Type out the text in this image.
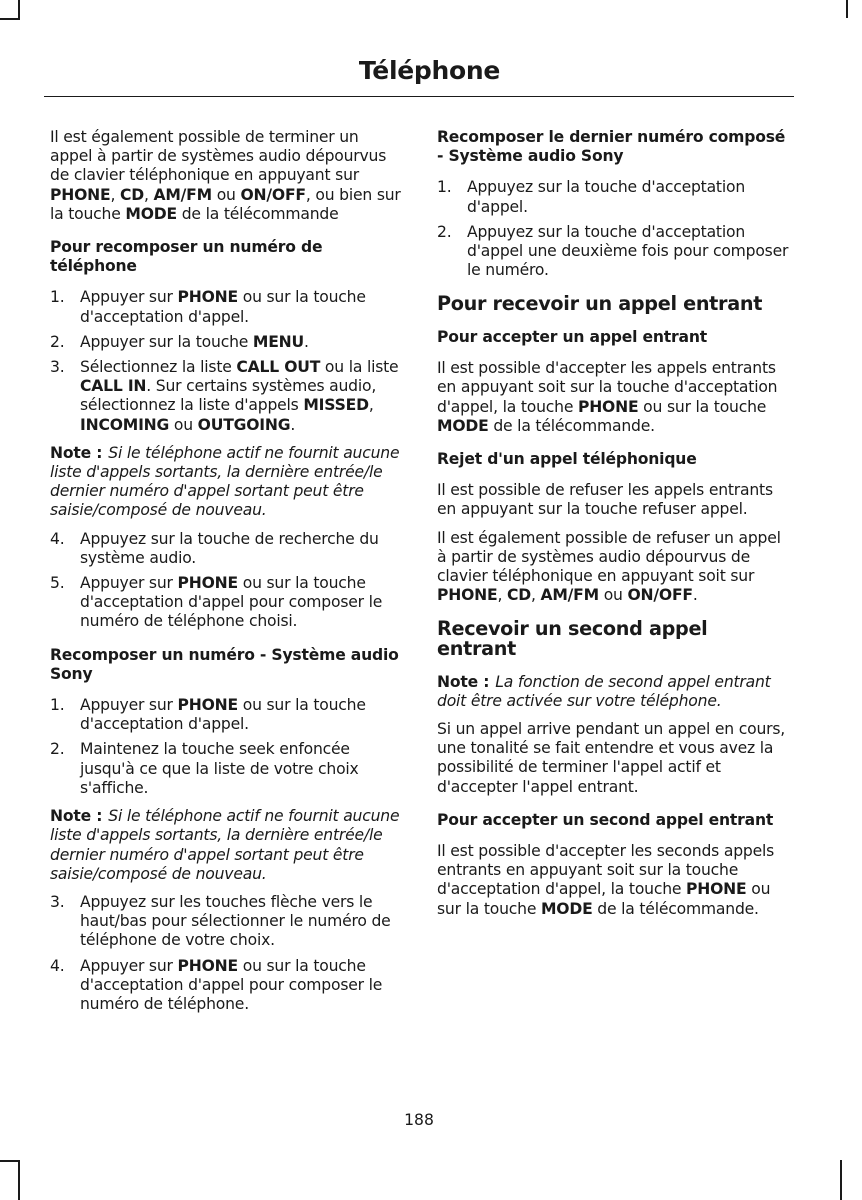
Téléphone

Il est également possible de terminer un appel à partir de systèmes audio dépourvus de clavier téléphonique en appuyant sur PHONE, CD, AM/FM ou ON/OFF, ou bien sur la touche MODE de la télécommande

Pour recomposer un numéro de téléphone

1. Appuyer sur PHONE ou sur la touche d'acceptation d'appel.
2. Appuyer sur la touche MENU.
3. Sélectionnez la liste CALL OUT ou la liste CALL IN. Sur certains systèmes audio, sélectionnez la liste d'appels MISSED, INCOMING ou OUTGOING.

Note : Si le téléphone actif ne fournit aucune liste d'appels sortants, la dernière entrée/le dernier numéro d'appel sortant peut être saisie/composé de nouveau.

4. Appuyez sur la touche de recherche du système audio.
5. Appuyer sur PHONE ou sur la touche d'acceptation d'appel pour composer le numéro de téléphone choisi.

Recomposer un numéro - Système audio Sony

1. Appuyer sur PHONE ou sur la touche d'acceptation d'appel.
2. Maintenez la touche seek enfoncée jusqu'à ce que la liste de votre choix s'affiche.

Note : Si le téléphone actif ne fournit aucune liste d'appels sortants, la dernière entrée/le dernier numéro d'appel sortant peut être saisie/composé de nouveau.

3. Appuyez sur les touches flèche vers le haut/bas pour sélectionner le numéro de téléphone de votre choix.
4. Appuyer sur PHONE ou sur la touche d'acceptation d'appel pour composer le numéro de téléphone.

Recomposer le dernier numéro composé - Système audio Sony

1. Appuyez sur la touche d'acceptation d'appel.
2. Appuyez sur la touche d'acceptation d'appel une deuxième fois pour composer le numéro.

Pour recevoir un appel entrant

Pour accepter un appel entrant

Il est possible d'accepter les appels entrants en appuyant soit sur la touche d'acceptation d'appel, la touche PHONE ou sur la touche MODE de la télécommande.

Rejet d'un appel téléphonique

Il est possible de refuser les appels entrants en appuyant sur la touche refuser appel.

Il est également possible de refuser un appel à partir de systèmes audio dépourvus de clavier téléphonique en appuyant soit sur PHONE, CD, AM/FM ou ON/OFF.

Recevoir un second appel entrant

Note : La fonction de second appel entrant doit être activée sur votre téléphone.

Si un appel arrive pendant un appel en cours, une tonalité se fait entendre et vous avez la possibilité de terminer l'appel actif et d'accepter l'appel entrant.

Pour accepter un second appel entrant

Il est possible d'accepter les seconds appels entrants en appuyant soit sur la touche d'acceptation d'appel, la touche PHONE ou sur la touche MODE de la télécommande.

188
